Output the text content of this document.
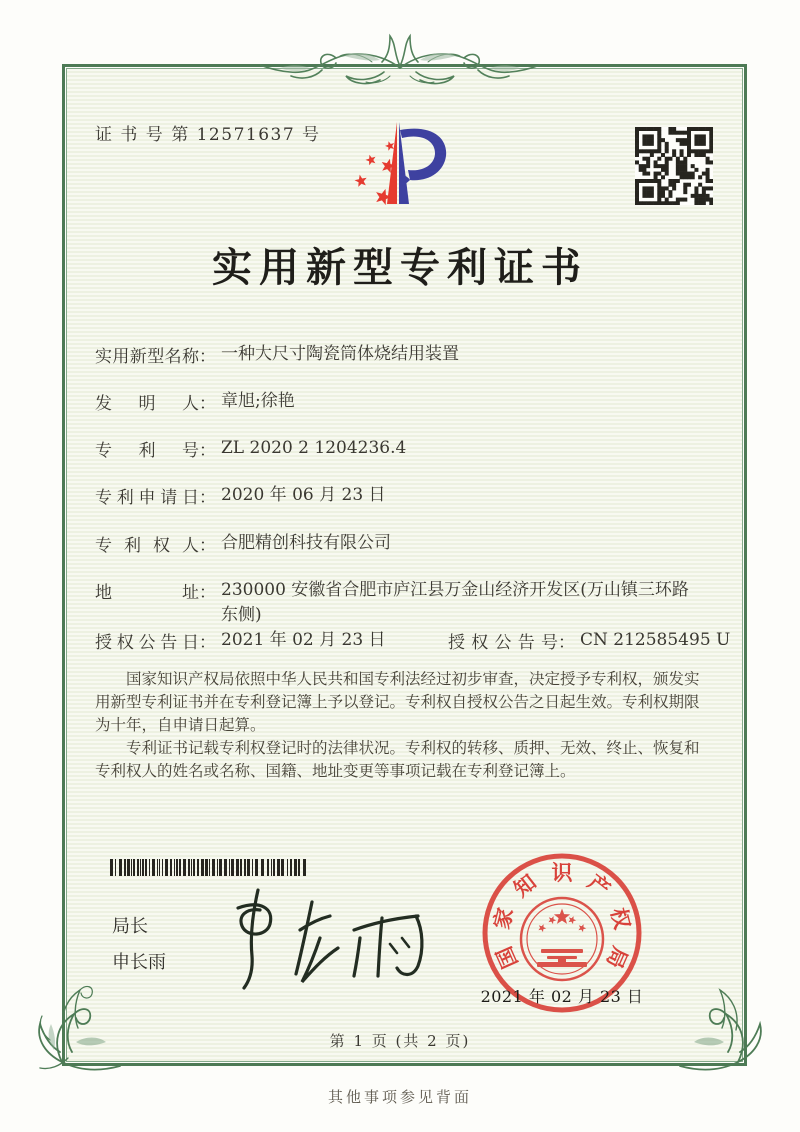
证 书 号 第 12571637 号
实用新型专利证书
实用新型名称 ： 一种大尺寸陶瓷筒体烧结用装置
发明人 ： 章旭;徐艳
专利号 ： ZL 2020 2 1204236.4
专利申请日 ： 2020 年 06 月 23 日
专利权人 ： 合肥精创科技有限公司
地址 ： 230000 安徽省合肥市庐江县万金山经济开发区(万山镇三环路东侧)
授权公告日 ： 2021 年 02 月 23 日	授权公告号 ： CN 212585495 U

国家知识产权局依照中华人民共和国专利法经过初步审查，决定授予专利权，颁发实用新型专利证书并在专利登记簿上予以登记。专利权自授权公告之日起生效。专利权期限为十年，自申请日起算。

专利证书记载专利权登记时的法律状况。专利权的转移、质押、无效、终止、恢复和专利权人的姓名或名称、国籍、地址变更等事项记载在专利登记簿上。

局长
申长雨	国
家
知 识 产
权
局
2021 年 02 月 23 日
第 1 页 (共 2 页)
其他事项参见背面
